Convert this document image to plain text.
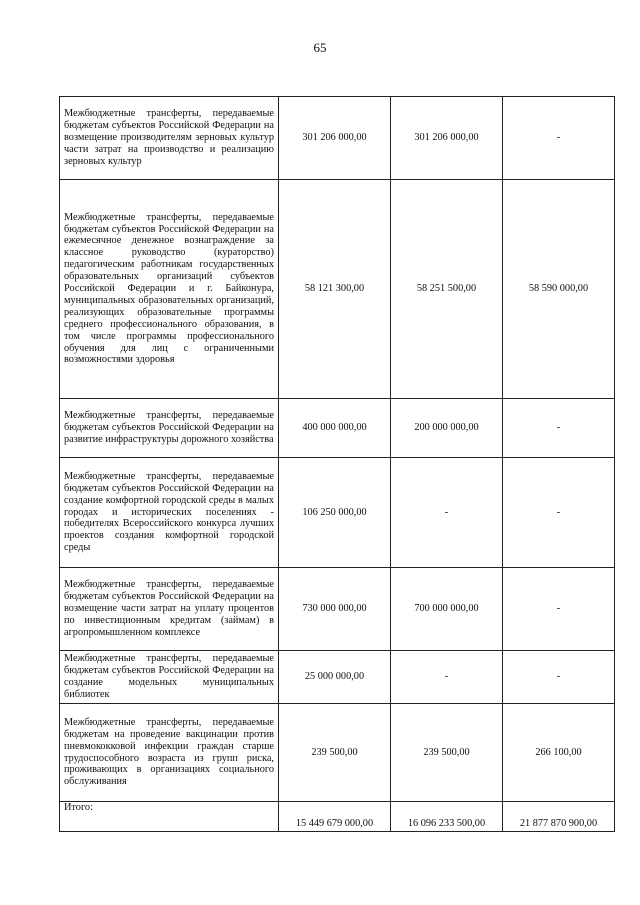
65
Межбюджетные трансферты, передаваемые бюджетам субъектов Российской Федерации на возмещение производителям зерновых культур части затрат на производство и реализацию зерновых культур	301 206 000,00	301 206 000,00	-
Межбюджетные трансферты, передаваемые бюджетам субъектов Российской Федерации на ежемесячное денежное вознаграждение за классное руководство (кураторство) педагогическим работникам государственных образовательных организаций субъектов Российской Федерации и г. Байконура, муниципальных образовательных организаций, реализующих образовательные программы среднего профессионального образования, в том числе программы профессионального обучения для лиц с ограниченными возможностями здоровья	58 121 300,00	58 251 500,00	58 590 000,00
Межбюджетные трансферты, передаваемые бюджетам субъектов Российской Федерации на развитие инфраструктуры дорожного хозяйства	400 000 000,00	200 000 000,00	-
Межбюджетные трансферты, передаваемые бюджетам субъектов Российской Федерации на создание комфортной городской среды в малых городах и исторических поселениях - победителях Всероссийского конкурса лучших проектов создания комфортной городской среды	106 250 000,00	-	-
Межбюджетные трансферты, передаваемые бюджетам субъектов Российской Федерации на возмещение части затрат на уплату процентов по инвестиционным кредитам (займам) в агропромышленном комплексе	730 000 000,00	700 000 000,00	-
Межбюджетные трансферты, передаваемые бюджетам субъектов Российской Федерации на создание модельных муниципальных библиотек	25 000 000,00	-	-
Межбюджетные трансферты, передаваемые бюджетам на проведение вакцинации против пневмококковой инфекции граждан старше трудоспособного возраста из групп риска, проживающих в организациях социального обслуживания	239 500,00	239 500,00	266 100,00
Итого:	15 449 679 000,00	16 096 233 500,00	21 877 870 900,00
